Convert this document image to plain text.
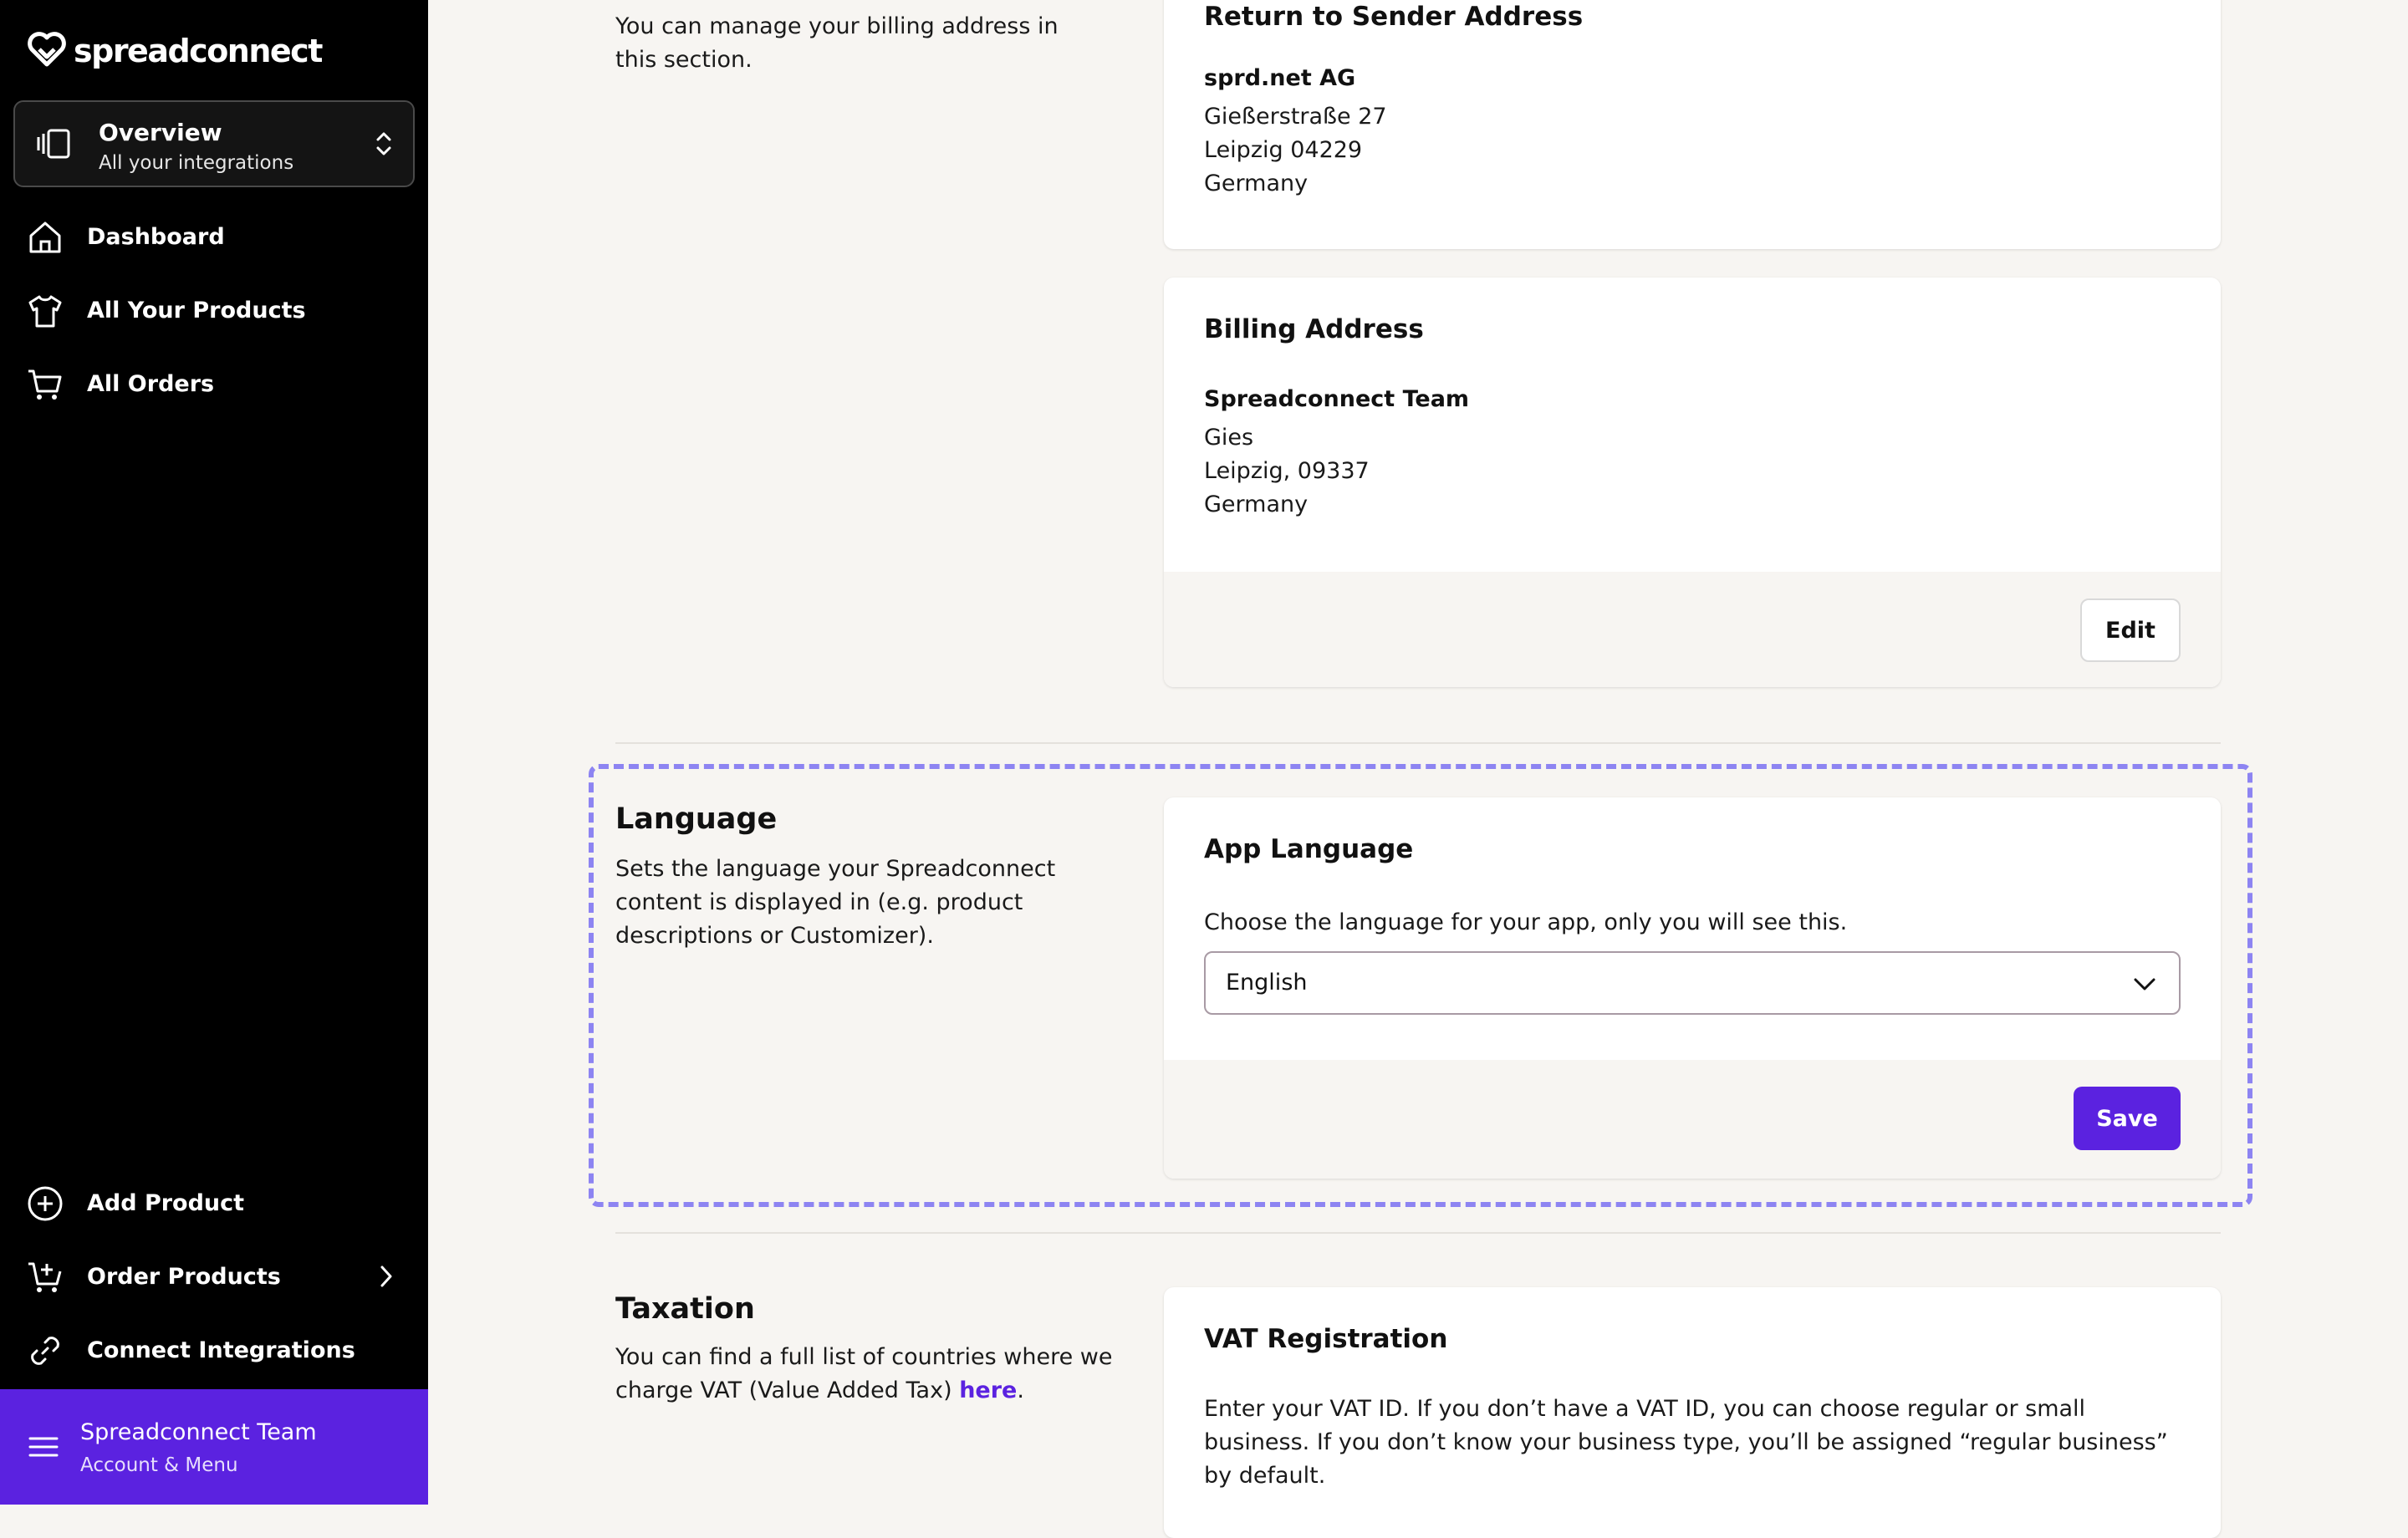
spreadconnect
Overview
All your integrations
Dashboard
All Your Products
All Orders
Add Product
Order Products
Connect Integrations
Spreadconnect Team
Account & Menu
You can manage your billing address in this section.
Return to Sender Address
sprd.net AG
Gießerstraße 27
Leipzig 04229
Germany
Billing Address
Spreadconnect Team
Gies
Leipzig, 09337
Germany
Edit
Language
Sets the language your Spreadconnect content is displayed in (e.g. product descriptions or Customizer).
App Language
Choose the language for your app, only you will see this.
English
Save
Taxation
You can find a full list of countries where we charge VAT (Value Added Tax) here.
VAT Registration
Enter your VAT ID. If you don’t have a VAT ID, you can choose regular or small business. If you don’t know your business type, you’ll be assigned “regular business” by default.
